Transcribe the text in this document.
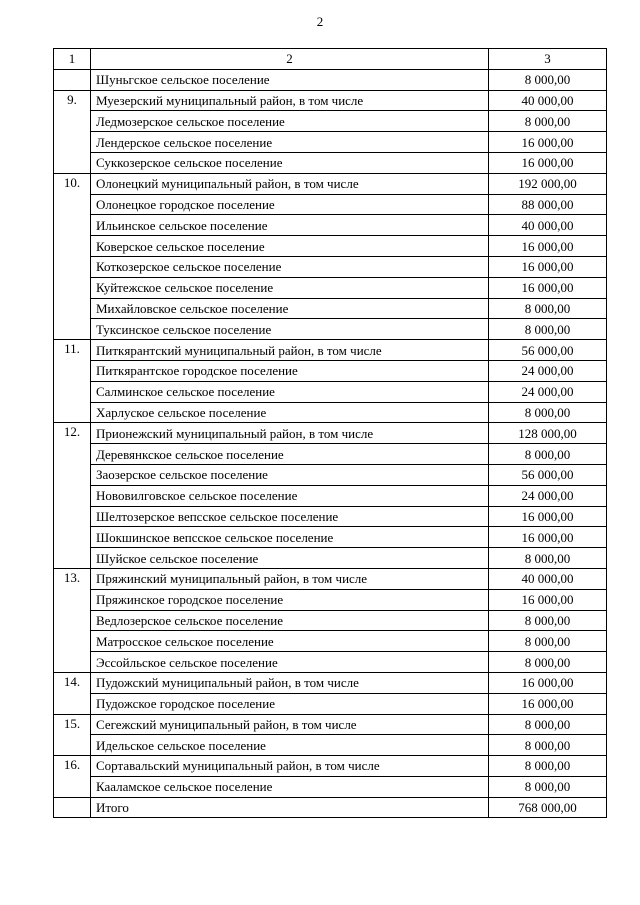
2
1	2	3
	Шуньгское сельское поселение	8 000,00
9.	Муезерский муниципальный район, в том числе	40 000,00
	Ледмозерское сельское поселение	8 000,00
	Лендерское сельское поселение	16 000,00
	Суккозерское сельское поселение	16 000,00
10.	Олонецкий муниципальный район, в том числе	192 000,00
	Олонецкое городское поселение	88 000,00
	Ильинское сельское поселение	40 000,00
	Коверское сельское поселение	16 000,00
	Коткозерское сельское поселение	16 000,00
	Куйтежское сельское поселение	16 000,00
	Михайловское сельское поселение	8 000,00
	Туксинское сельское поселение	8 000,00
11.	Питкярантский муниципальный район, в том числе	56 000,00
	Питкярантское городское поселение	24 000,00
	Салминское сельское поселение	24 000,00
	Харлуское сельское поселение	8 000,00
12.	Прионежский муниципальный район, в том числе	128 000,00
	Деревянкское сельское поселение	8 000,00
	Заозерское сельское поселение	56 000,00
	Нововилговское сельское поселение	24 000,00
	Шелтозерское вепсское сельское поселение	16 000,00
	Шокшинское вепсское сельское поселение	16 000,00
	Шуйское сельское поселение	8 000,00
13.	Пряжинский муниципальный район, в том числе	40 000,00
	Пряжинское городское поселение	16 000,00
	Ведлозерское сельское поселение	8 000,00
	Матросское сельское поселение	8 000,00
	Эссойльское сельское поселение	8 000,00
14.	Пудожский муниципальный район, в том числе	16 000,00
	Пудожское городское поселение	16 000,00
15.	Сегежский муниципальный район, в том числе	8 000,00
	Идельское сельское поселение	8 000,00
16.	Сортавальский муниципальный район, в том числе	8 000,00
	Кааламское сельское поселение	8 000,00
	Итого	768 000,00
